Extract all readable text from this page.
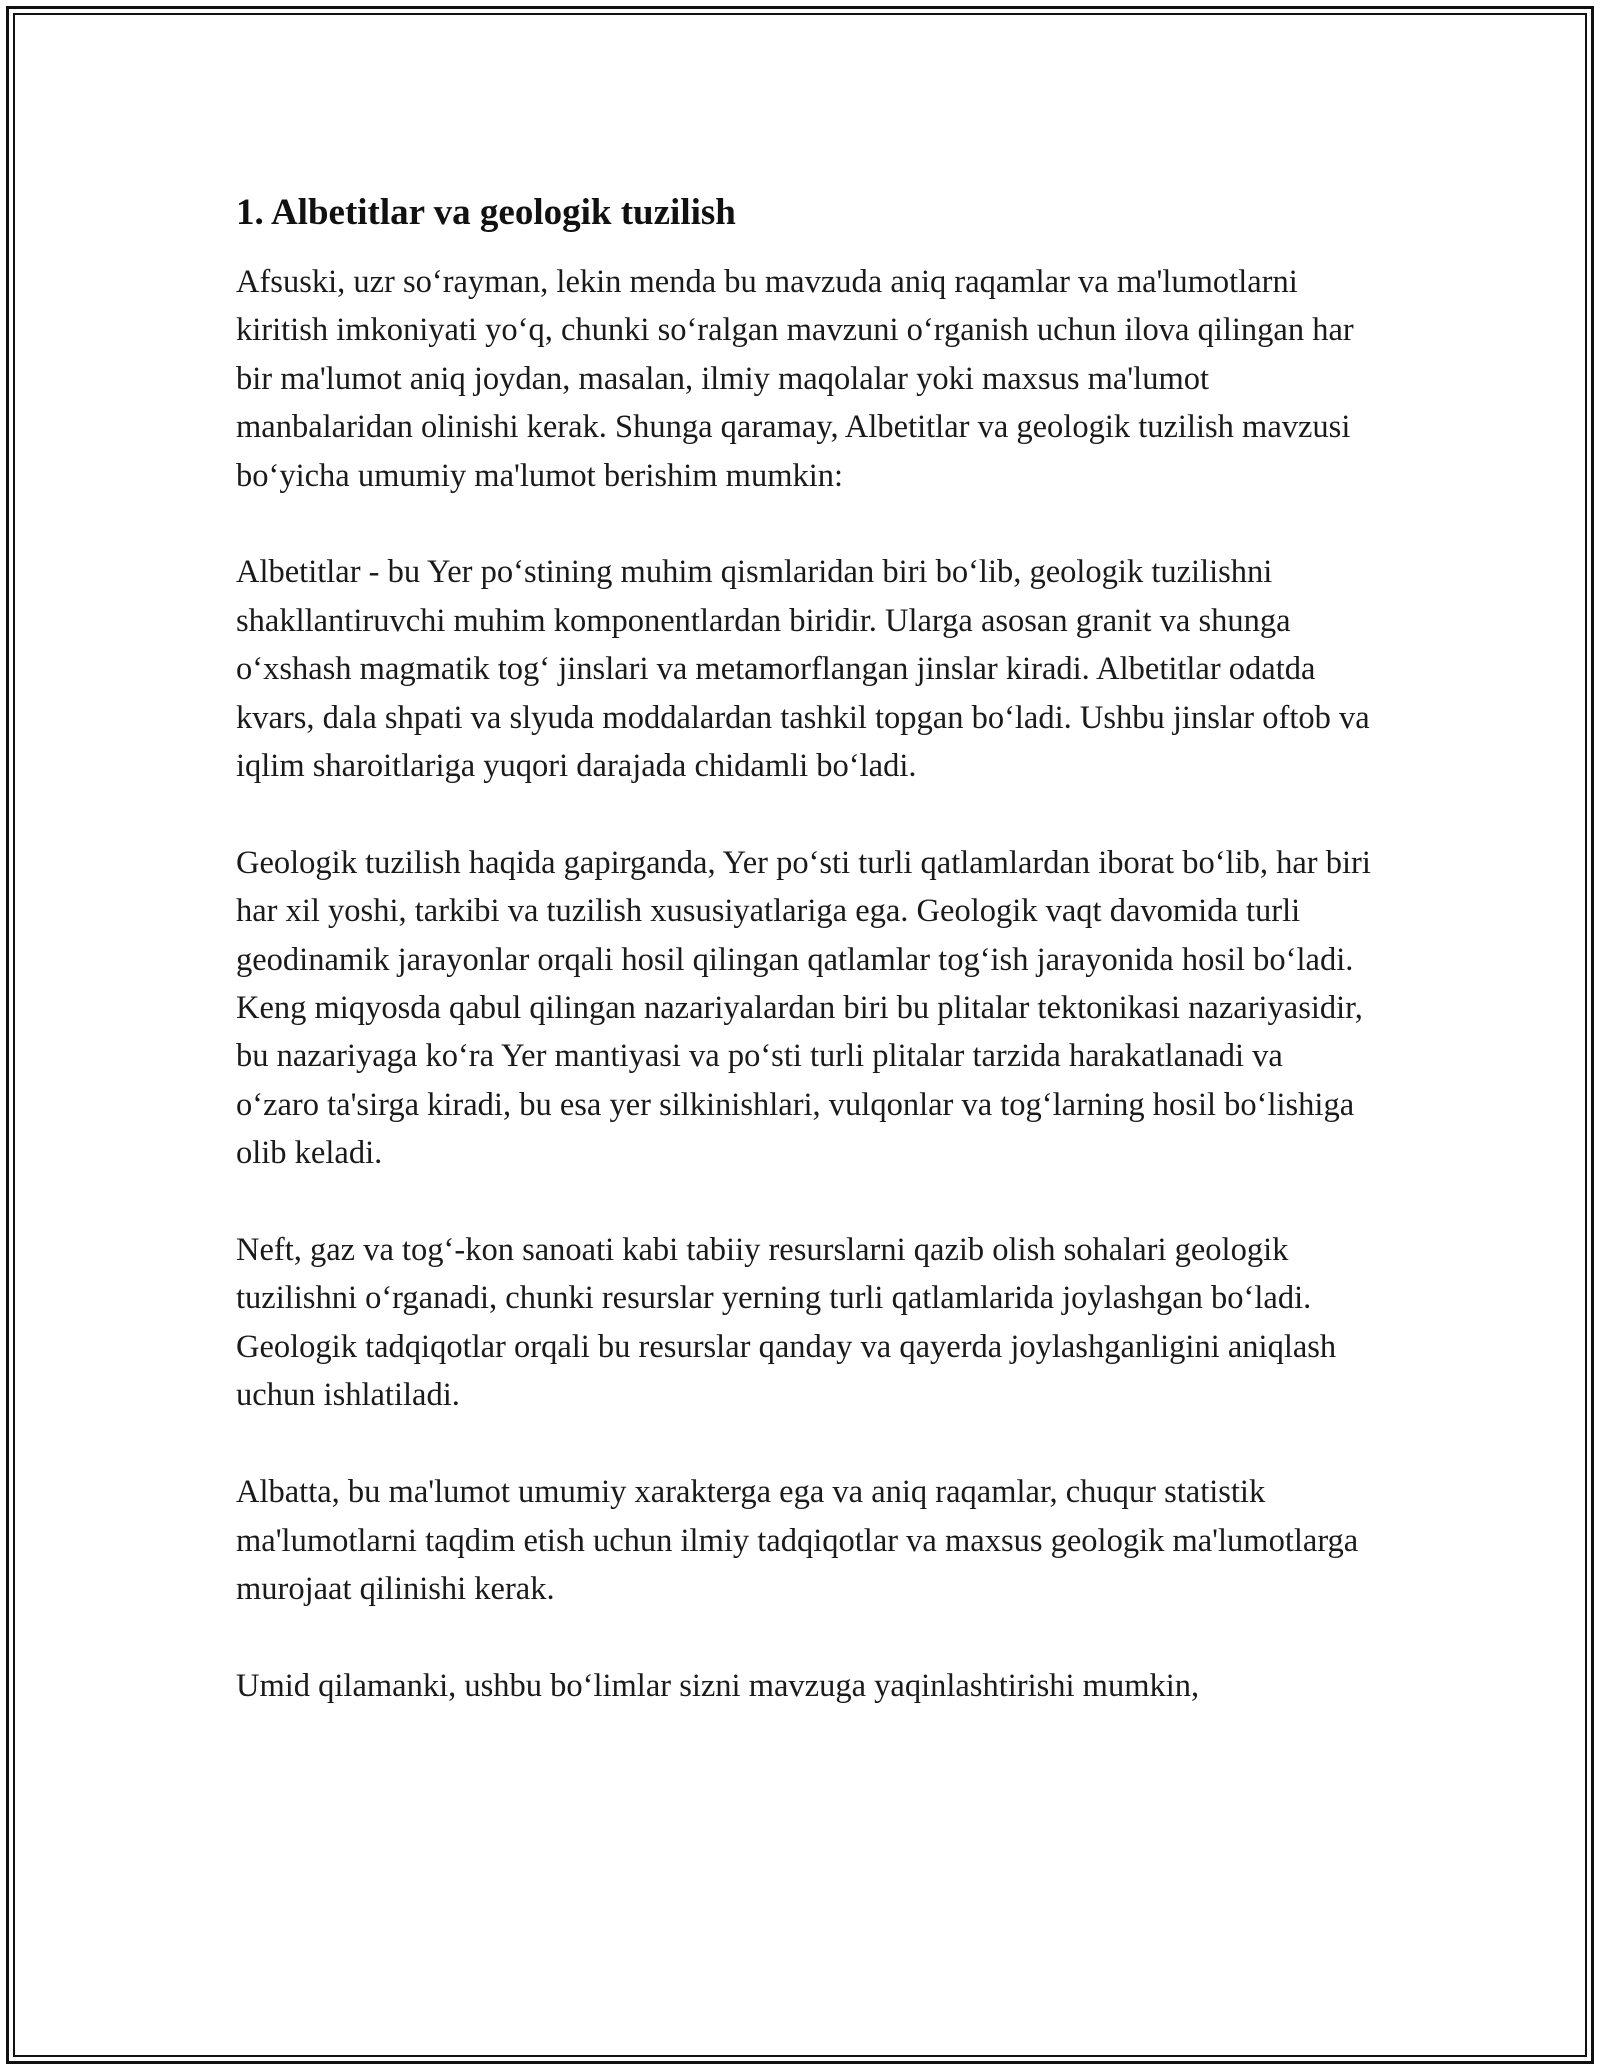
1. Albetitlar va geologik tuzilish

Afsuski, uzr so‘rayman, lekin menda bu mavzuda aniq raqamlar va ma'lumotlarni kiritish imkoniyati yo‘q, chunki so‘ralgan mavzuni o‘rganish uchun ilova qilingan har bir ma'lumot aniq joydan, masalan, ilmiy maqolalar yoki maxsus ma'lumot manbalaridan olinishi kerak. Shunga qaramay, Albetitlar va geologik tuzilish mavzusi bo‘yicha umumiy ma'lumot berishim mumkin:

Albetitlar - bu Yer po‘stining muhim qismlaridan biri bo‘lib, geologik tuzilishni shakllantiruvchi muhim komponentlardan biridir. Ularga asosan granit va shunga o‘xshash magmatik tog‘ jinslari va metamorflangan jinslar kiradi. Albetitlar odatda kvars, dala shpati va slyuda moddalardan tashkil topgan bo‘ladi. Ushbu jinslar oftob va iqlim sharoitlariga yuqori darajada chidamli bo‘ladi.

Geologik tuzilish haqida gapirganda, Yer po‘sti turli qatlamlardan iborat bo‘lib, har biri har xil yoshi, tarkibi va tuzilish xususiyatlariga ega. Geologik vaqt davomida turli geodinamik jarayonlar orqali hosil qilingan qatlamlar tog‘ish jarayonida hosil bo‘ladi. Keng miqyosda qabul qilingan nazariyalardan biri bu plitalar tektonikasi nazariyasidir, bu nazariyaga ko‘ra Yer mantiyasi va po‘sti turli plitalar tarzida harakatlanadi va o‘zaro ta'sirga kiradi, bu esa yer silkinishlari, vulqonlar va tog‘larning hosil bo‘lishiga olib keladi.

Neft, gaz va tog‘-kon sanoati kabi tabiiy resurslarni qazib olish sohalari geologik tuzilishni o‘rganadi, chunki resurslar yerning turli qatlamlarida joylashgan bo‘ladi. Geologik tadqiqotlar orqali bu resurslar qanday va qayerda joylashganligini aniqlash uchun ishlatiladi.

Albatta, bu ma'lumot umumiy xarakterga ega va aniq raqamlar, chuqur statistik ma'lumotlarni taqdim etish uchun ilmiy tadqiqotlar va maxsus geologik ma'lumotlarga murojaat qilinishi kerak.

Umid qilamanki, ushbu bo‘limlar sizni mavzuga yaqinlashtirishi mumkin,
